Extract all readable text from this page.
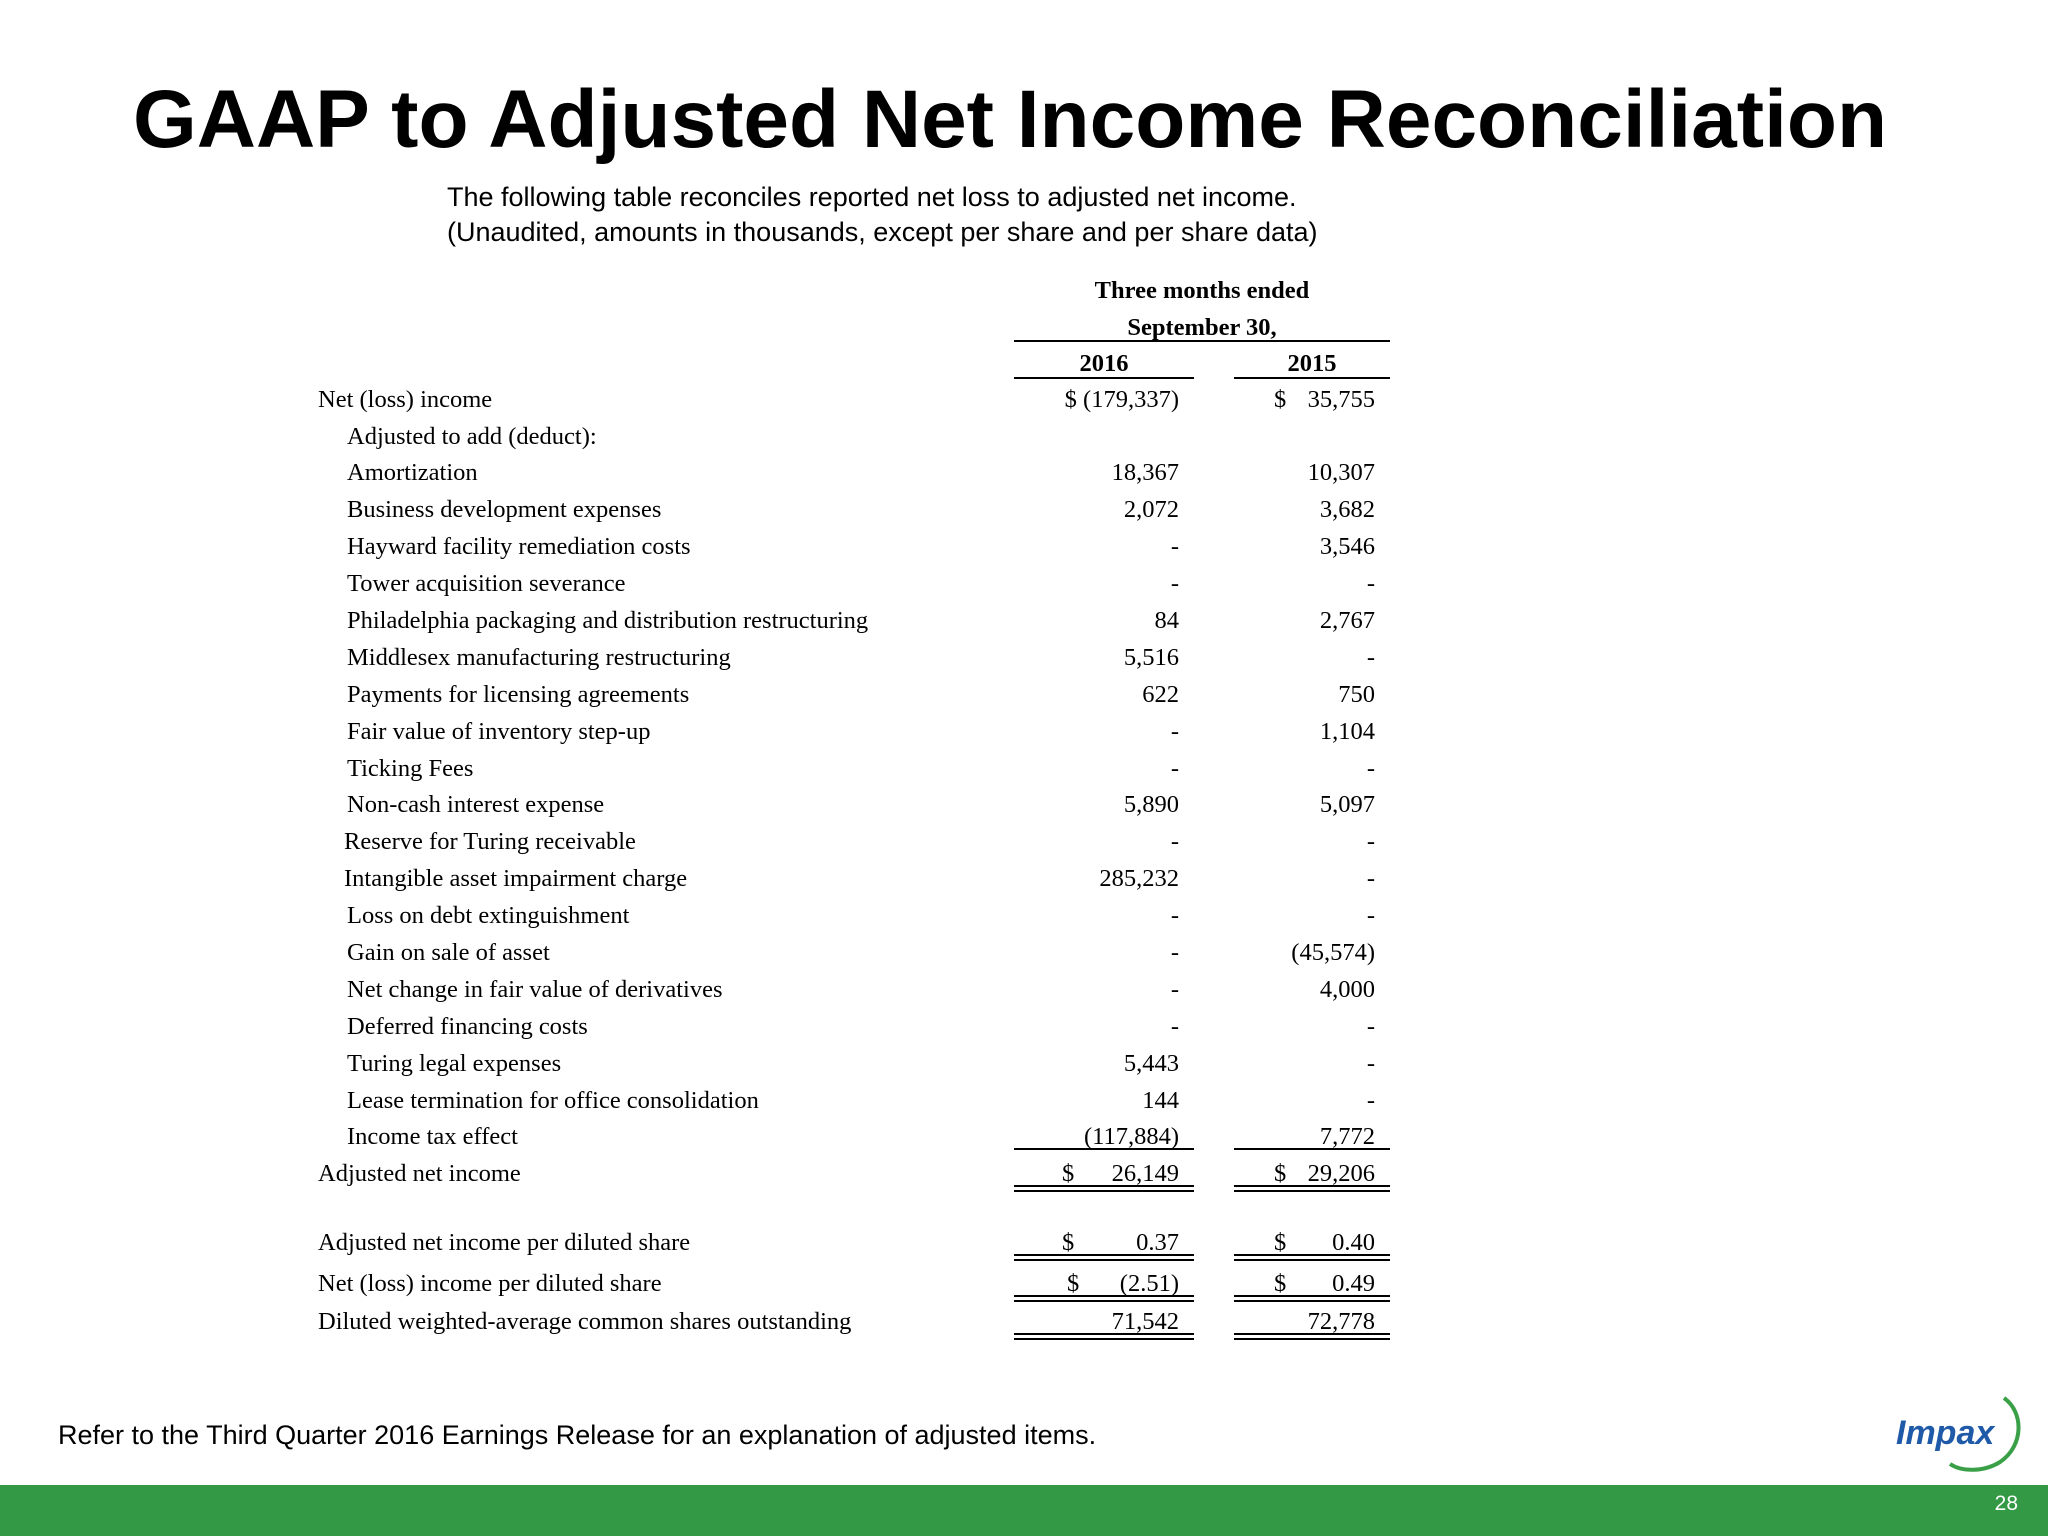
GAAP to Adjusted Net Income Reconciliation
The following table reconciles reported net loss to adjusted net income.
(Unaudited, amounts in thousands, except per share and per share data)
Three months ended
September 30,
2016	2015
Net (loss) income	$ (179,337)	$ 35,755
Adjusted to add (deduct):
Amortization	18,367	10,307
Business development expenses	2,072	3,682
Hayward facility remediation costs	-	3,546
Tower acquisition severance	-	-
Philadelphia packaging and distribution restructuring	84	2,767
Middlesex manufacturing restructuring	5,516	-
Payments for licensing agreements	622	750
Fair value of inventory step-up	-	1,104
Ticking Fees	-	-
Non-cash interest expense	5,890	5,097
Reserve for Turing receivable	-	-
Intangible asset impairment charge	285,232	-
Loss on debt extinguishment	-	-
Gain on sale of asset	-	(45,574)
Net change in fair value of derivatives	-	4,000
Deferred financing costs	-	-
Turing legal expenses	5,443	-
Lease termination for office consolidation	144	-
Income tax effect	(117,884)	7,772
Adjusted net income	$	26,149	$ 29,206
Adjusted net income per diluted share	$	0.37	$	0.40
Net (loss) income per diluted share	$	(2.51)	$	0.49
Diluted weighted-average common shares outstanding	71,542	72,778
Refer to the Third Quarter 2016 Earnings Release for an explanation of adjusted items.	Impax
28
